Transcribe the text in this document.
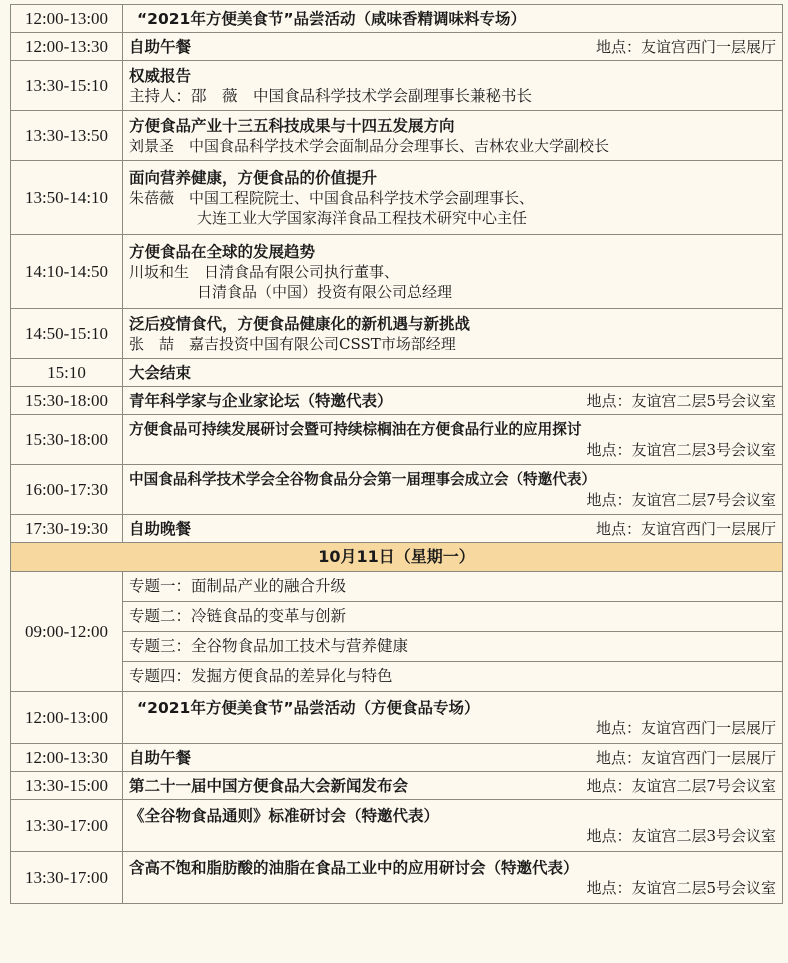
12:00-13:00	“2021年方便美食节”品尝活动（咸味香精调味料专场）
12:00-13:30	自助午餐 地点：友谊宫西门一层展厅

13:30-15:10	权威报告
主持人：邵　薇　中国食品科学技术学会副理事长兼秘书长

13:30-13:50	方便食品产业十三五科技成果与十四五发展方向
刘景圣　中国食品科学技术学会面制品分会理事长、吉林农业大学副校长

13:50-14:10	面向营养健康，方便食品的价值提升
朱蓓薇　中国工程院院士、中国食品科学技术学会副理事长、
大连工业大学国家海洋食品工程技术研究中心主任

14:10-14:50	方便食品在全球的发展趋势
川坂和生　日清食品有限公司执行董事、
日清食品（中国）投资有限公司总经理

14:50-15:10	泛后疫情食代，方便食品健康化的新机遇与新挑战
张　喆　嘉吉投资中国有限公司CSST市场部经理

15:10	大会结束
15:30-18:00	青年科学家与企业家论坛（特邀代表） 地点：友谊宫二层5号会议室

15:30-18:00	方便食品可持续发展研讨会暨可持续棕榈油在方便食品行业的应用探讨
地点：友谊宫二层3号会议室

16:00-17:30	中国食品科学技术学会全谷物食品分会第一届理事会成立会（特邀代表）
地点：友谊宫二层7号会议室

17:30-19:30	自助晚餐 地点：友谊宫西门一层展厅

10月11日（星期一）	
09:00-12:00	专题一：面制品产业的融合升级
专题二：冷链食品的变革与创新
专题三：全谷物食品加工技术与营养健康
专题四：发掘方便食品的差异化与特色

12:00-13:00	“2021年方便美食节”品尝活动（方便食品专场）
地点：友谊宫西门一层展厅

12:00-13:30	自助午餐 地点：友谊宫西门一层展厅

13:30-15:00	第二十一届中国方便食品大会新闻发布会 地点：友谊宫二层7号会议室

13:30-17:00	《全谷物食品通则》标准研讨会（特邀代表）
地点：友谊宫二层3号会议室

13:30-17:00	含高不饱和脂肪酸的油脂在食品工业中的应用研讨会（特邀代表）
地点：友谊宫二层5号会议室
